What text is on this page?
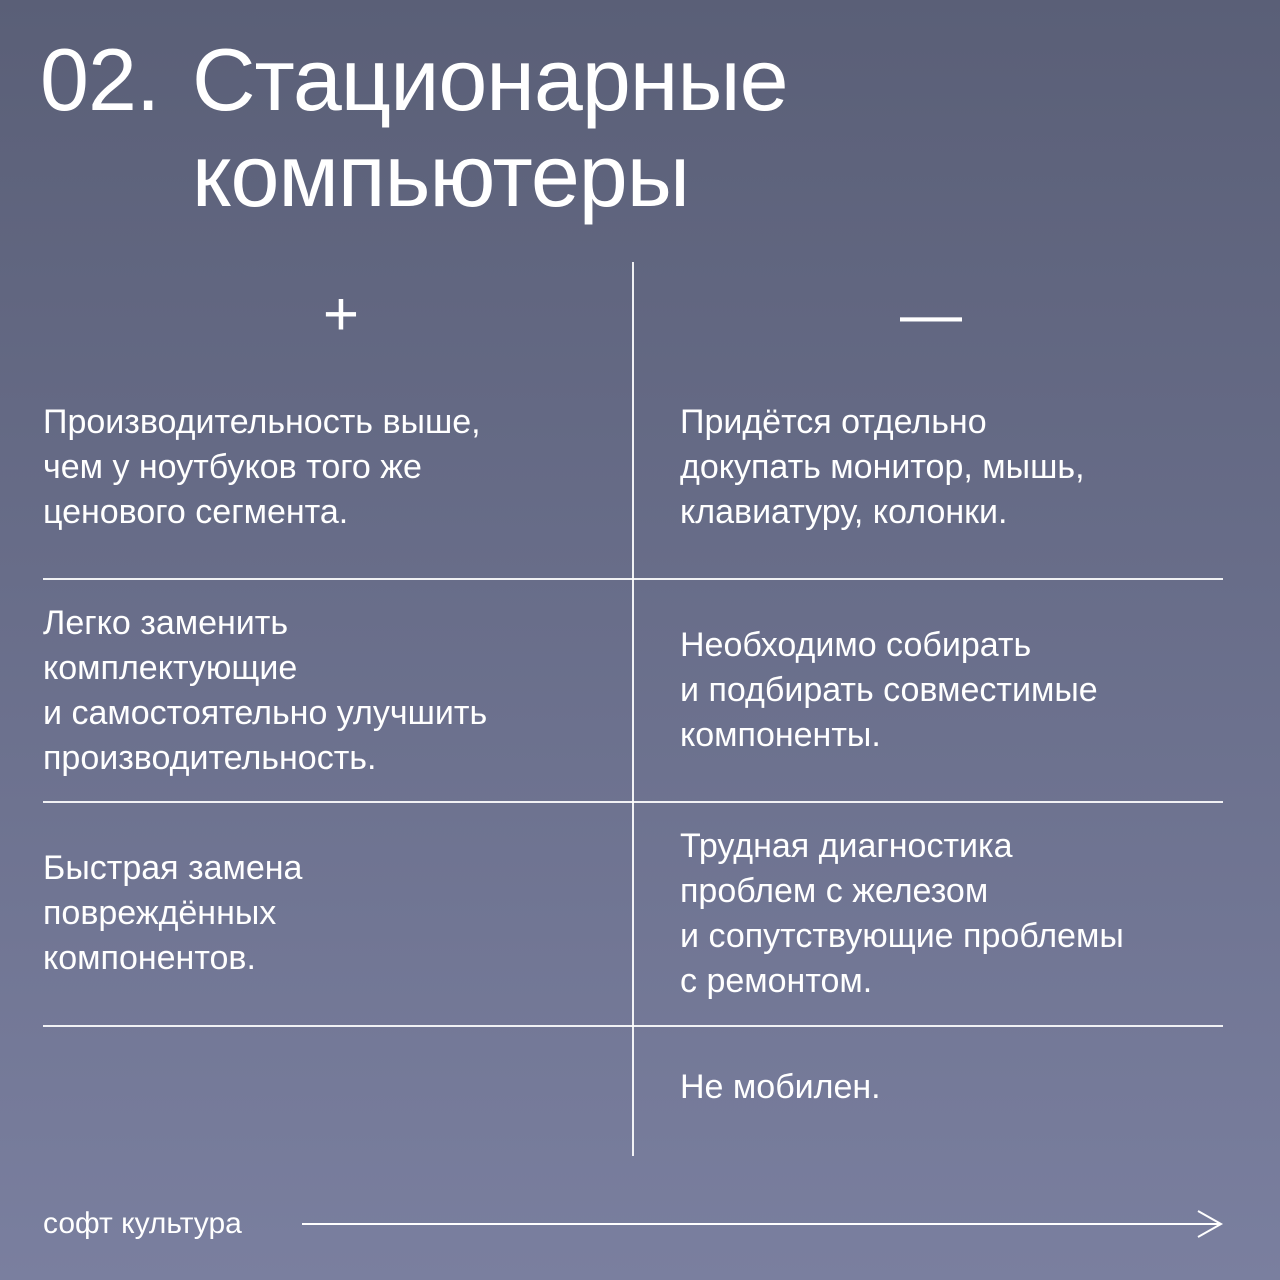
02. Стационарные компьютеры
+	—

Производительность выше,
чем у ноутбуков того же
ценового сегмента.

Придётся отдельно
докупать монитор, мышь,
клавиатуру, колонки.

Легко заменить
комплектующие
и самостоятельно улучшить
производительность.

Необходимо собирать
и подбирать совместимые
компоненты.

Быстрая замена
повреждённых
компонентов.

Трудная диагностика
проблем с железом
и сопутствующие проблемы
с ремонтом.

Не мобилен.

софт культура
